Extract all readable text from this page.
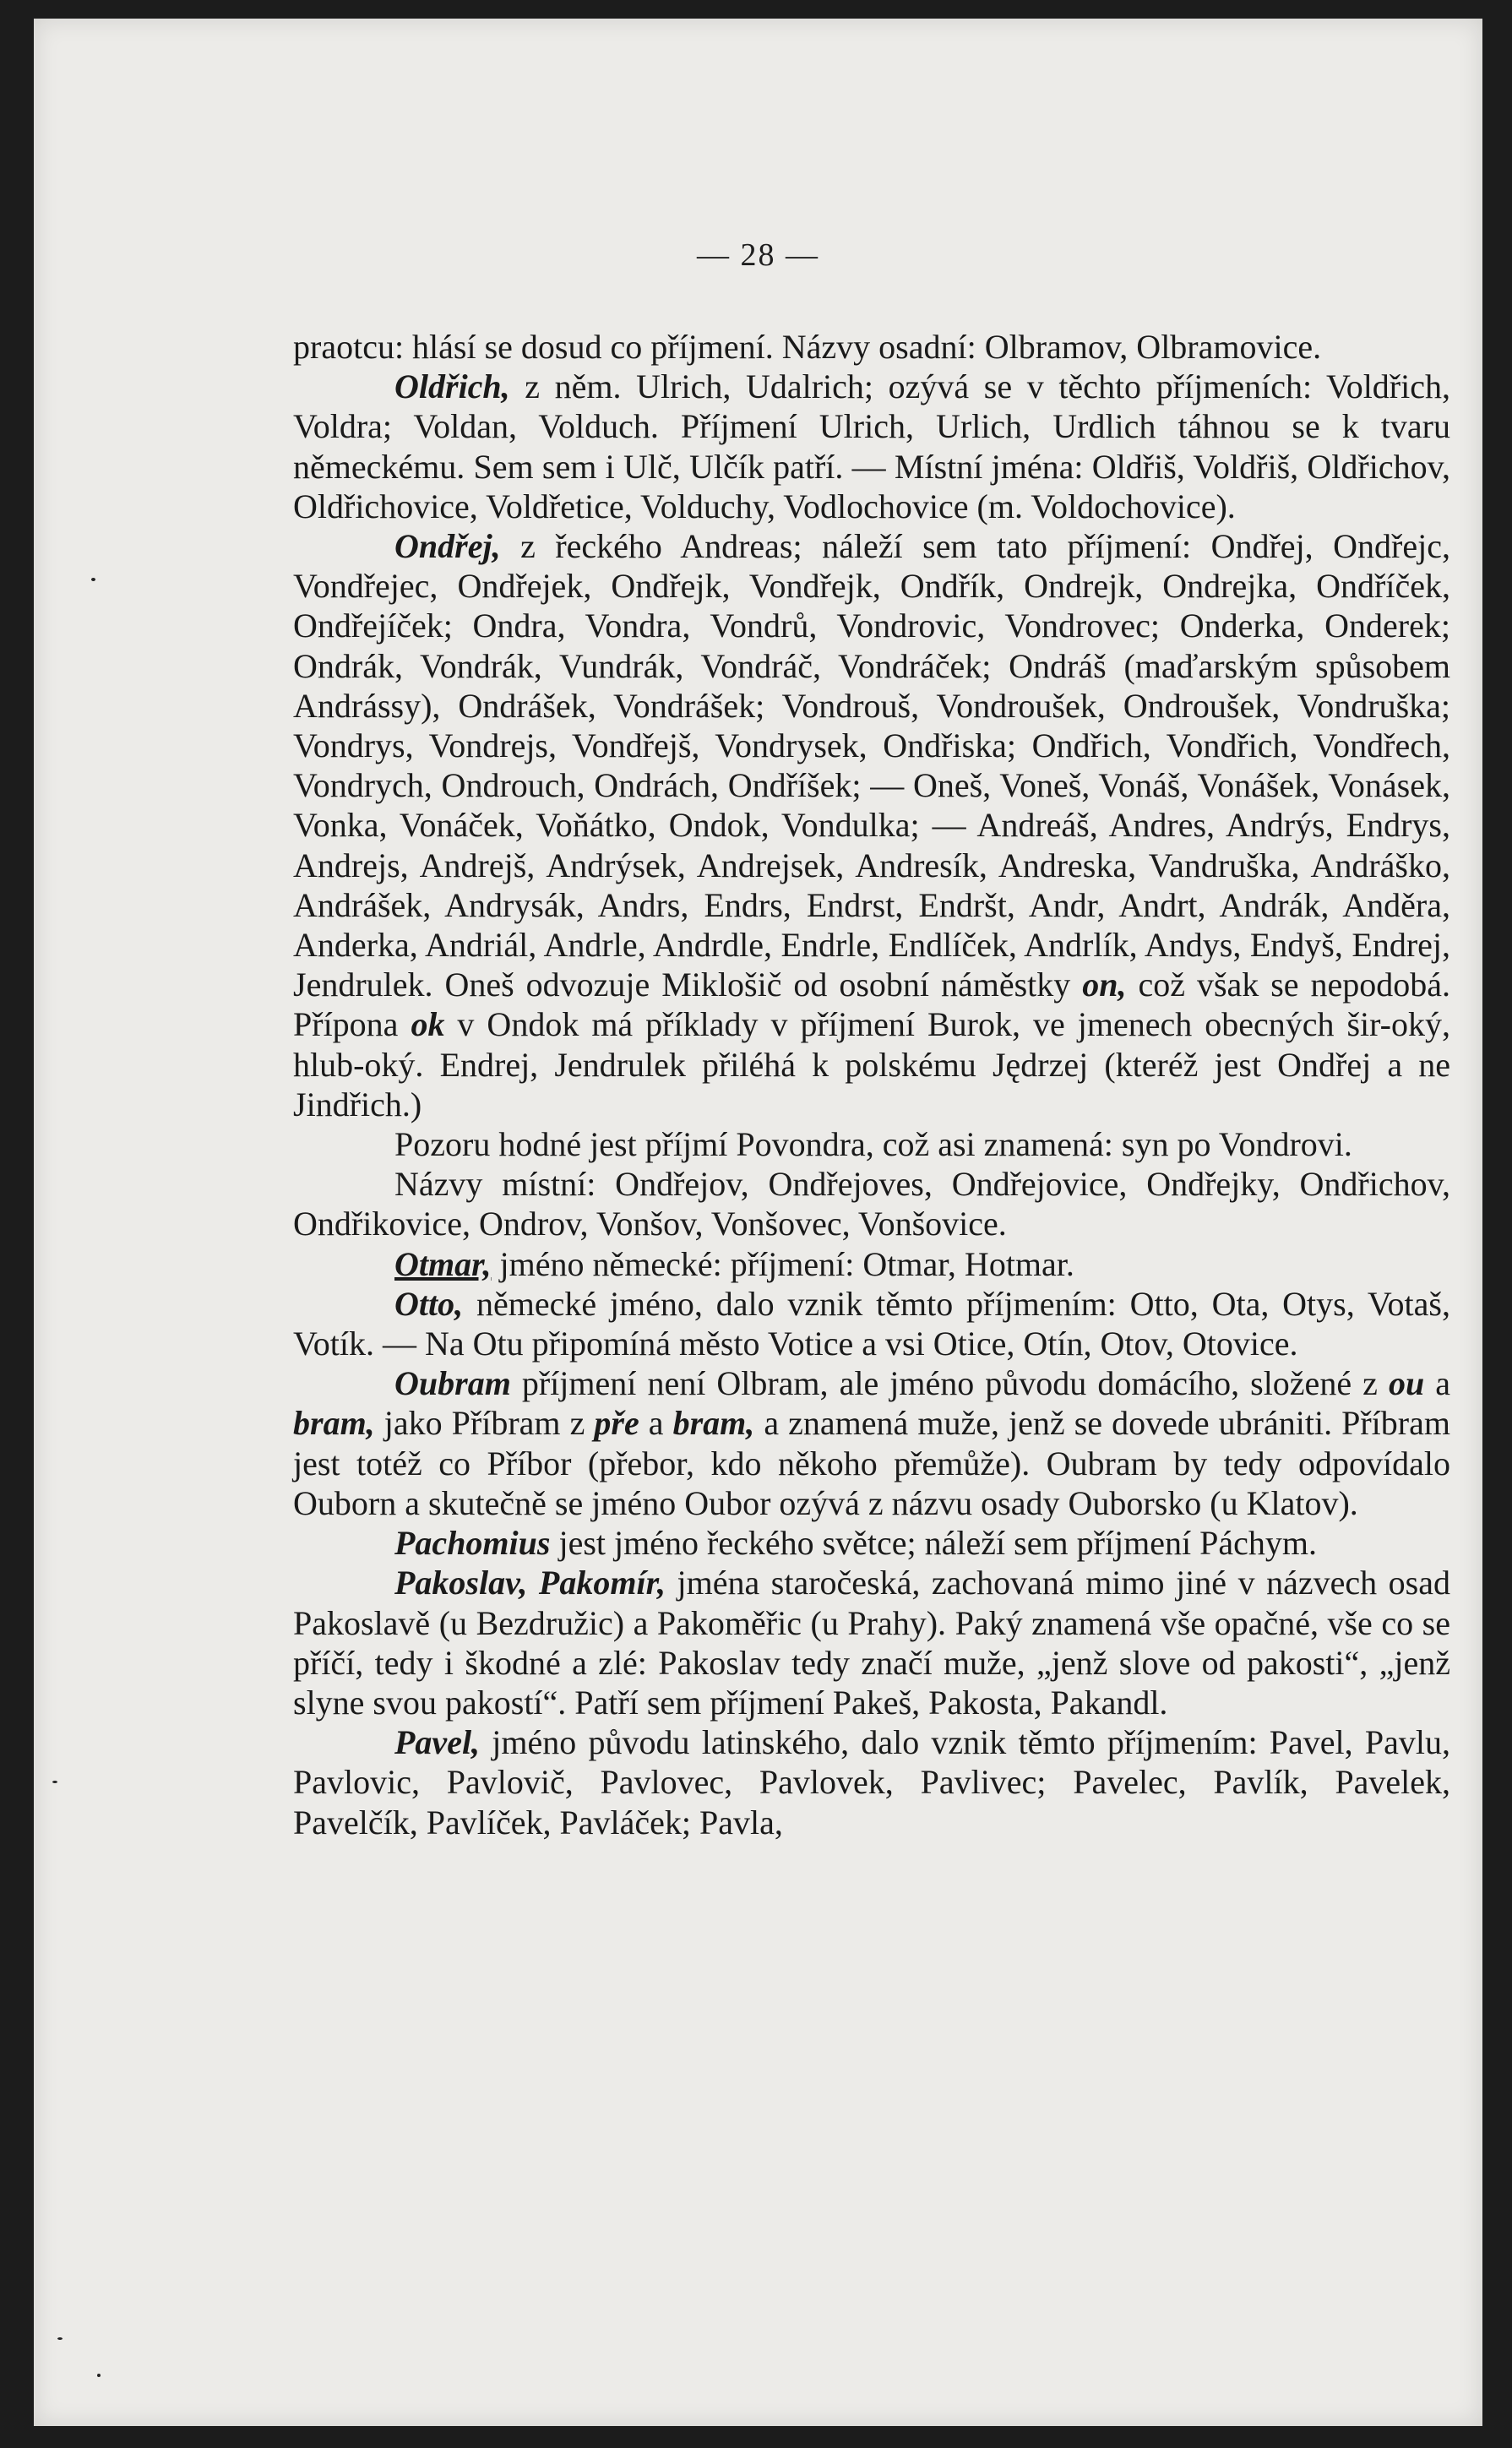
— 28 —

praotcu: hlásí se dosud co příjmení. Názvy osadní: Olbramov, Olbramovice.

Oldřich, z něm. Ulrich, Udalrich; ozývá se v těchto příjmeních: Voldřich, Voldra; Voldan, Volduch. Příjmení Ulrich, Urlich, Urdlich táhnou se k tvaru německému. Sem sem i Ulč, Ulčík patří. — Místní jména: Oldřiš, Voldřiš, Oldřichov, Oldřichovice, Voldřetice, Volduchy, Vodlochovice (m. Voldochovice).

Ondřej, z řeckého Andreas; náleží sem tato příjmení: Ondřej, Ondřejc, Vondřejec, Ondřejek, Ondřejk, Vondřejk, Ondřík, Ondrejk, Ondrejka, Ondříček, Ondřejíček; Ondra, Vondra, Vondrů, Vondrovic, Vondrovec; Onderka, Onderek; Ondrák, Vondrák, Vundrák, Vondráč, Vondráček; Ondráš (maďarským spůsobem Andrássy), Ondrášek, Vondrášek; Vondrouš, Vondroušek, Ondroušek, Vondruška; Vondrys, Vondrejs, Vondřejš, Vondrysek, Ondřiska; Ondřich, Vondřich, Vondřech, Vondrych, Ondrouch, Ondrách, Ondříšek; — Oneš, Voneš, Vonáš, Vonášek, Vonásek, Vonka, Vonáček, Voňátko, Ondok, Vondulka; — Andreáš, Andres, Andrýs, Endrys, Andrejs, Andrejš, Andrýsek, Andrejsek, Andresík, Andreska, Vandruška, Andráško, Andrášek, Andrysák, Andrs, Endrs, Endrst, Endršt, Andr, Andrt, Andrák, Anděra, Anderka, Andriál, Andrle, Andrdle, Endrle, Endlíček, Andrlík, Andys, Endyš, Endrej, Jendrulek. Oneš odvozuje Miklošič od osobní náměstky on, což však se nepodobá. Přípona ok v Ondok má příklady v příjmení Burok, ve jmenech obecných šir-oký, hlub-oký. Endrej, Jendrulek přiléhá k polskému Jędrzej (kteréž jest Ondřej a ne Jindřich.)

Pozoru hodné jest příjmí Povondra, což asi znamená: syn po Vondrovi.

Názvy místní: Ondřejov, Ondřejoves, Ondřejovice, Ondřejky, Ondřichov, Ondřikovice, Ondrov, Vonšov, Vonšovec, Vonšovice.

Otmar, jméno německé: příjmení: Otmar, Hotmar.

Otto, německé jméno, dalo vznik těmto příjmením: Otto, Ota, Otys, Votaš, Votík. — Na Otu připomíná město Votice a vsi Otice, Otín, Otov, Otovice.

Oubram příjmení není Olbram, ale jméno původu domácího, složené z ou a bram, jako Příbram z pře a bram, a znamená muže, jenž se dovede ubrániti. Příbram jest totéž co Příbor (přebor, kdo někoho přemůže). Oubram by tedy odpovídalo Ouborn a skutečně se jméno Oubor ozývá z názvu osady Ouborsko (u Klatov).

Pachomius jest jméno řeckého světce; náleží sem příjmení Páchym.

Pakoslav, Pakomír, jména staročeská, zachovaná mimo jiné v názvech osad Pakoslavě (u Bezdružic) a Pakoměřic (u Prahy). Paký znamená vše opačné, vše co se příčí, tedy i škodné a zlé: Pakoslav tedy značí muže, „jenž slove od pakosti“, „jenž slyne svou pakostí“. Patří sem příjmení Pakeš, Pakosta, Pakandl.

Pavel, jméno původu latinského, dalo vznik těmto příjmením: Pavel, Pavlu, Pavlovic, Pavlovič, Pavlovec, Pavlovek, Pavlivec; Pavelec, Pavlík, Pavelek, Pavelčík, Pavlíček, Pavláček; Pavla,
